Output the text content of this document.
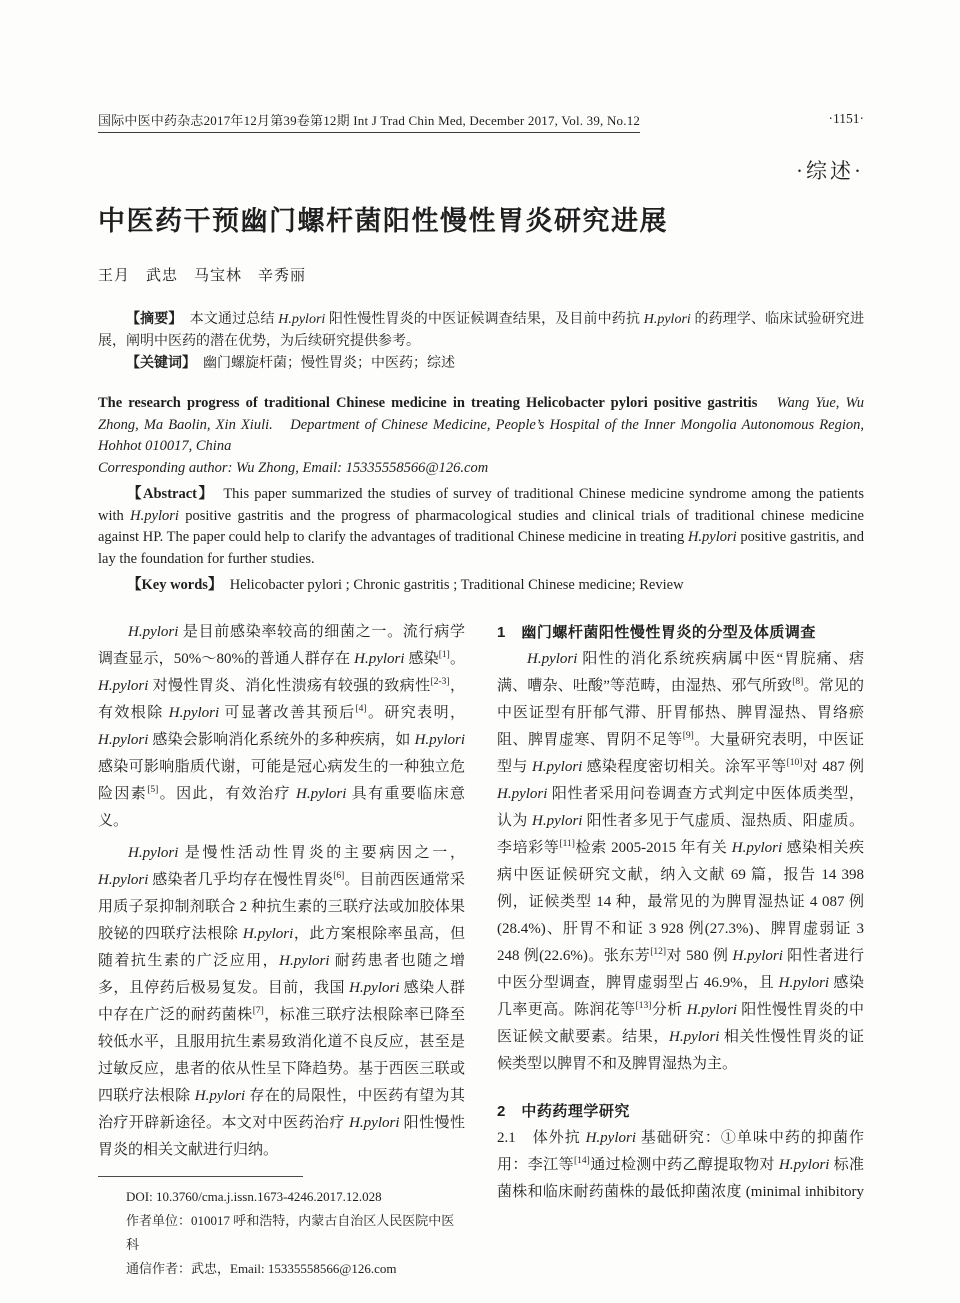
国际中医中药杂志2017年12月第39卷第12期 Int J Trad Chin Med, December 2017, Vol. 39, No.12	·1151·
·综述·
中医药干预幽门螺杆菌阳性慢性胃炎研究进展
王月　武忠　马宝林　辛秀丽

【摘要】　本文通过总结 H.pylori 阳性慢性胃炎的中医证候调查结果，及目前中药抗 H.pylori 的药理学、临床试验研究进展，阐明中医药的潜在优势，为后续研究提供参考。

【关键词】　幽门螺旋杆菌；慢性胃炎；中医药；综述

The research progress of traditional Chinese medicine in treating Helicobacter pylori positive gastritis　 Wang Yue, Wu Zhong, Ma Baolin, Xin Xiuli.　 Department of Chinese Medicine, People’s Hospital of the Inner Mongolia Autonomous Region, Hohhot 010017, China

Corresponding author: Wu Zhong, Email: 15335558566@126.com

【Abstract】　This paper summarized the studies of survey of traditional Chinese medicine syndrome among the patients with H.pylori positive gastritis and the progress of pharmacological studies and clinical trials of traditional chinese medicine against HP. The paper could help to clarify the advantages of traditional Chinese medicine in treating H.pylori positive gastritis, and lay the foundation for further studies.

【Key words】　Helicobacter pylori ; Chronic gastritis ; Traditional Chinese medicine; Review

H.pylori 是目前感染率较高的细菌之一。流行病学调查显示，50%～80%的普通人群存在 H.pylori 感染[1]。H.pylori 对慢性胃炎、消化性溃疡有较强的致病性[2-3]，有效根除 H.pylori 可显著改善其预后[4]。研究表明，H.pylori 感染会影响消化系统外的多种疾病，如 H.pylori 感染可影响脂质代谢，可能是冠心病发生的一种独立危险因素[5]。因此，有效治疗 H.pylori 具有重要临床意义。

H.pylori 是慢性活动性胃炎的主要病因之一，H.pylori 感染者几乎均存在慢性胃炎[6]。目前西医通常采用质子泵抑制剂联合 2 种抗生素的三联疗法或加胶体果胶铋的四联疗法根除 H.pylori，此方案根除率虽高，但随着抗生素的广泛应用，H.pylori 耐药患者也随之增多，且停药后极易复发。目前，我国 H.pylori 感染人群中存在广泛的耐药菌株[7]，标准三联疗法根除率已降至较低水平，且服用抗生素易致消化道不良反应，甚至是过敏反应，患者的依从性呈下降趋势。基于西医三联或四联疗法根除 H.pylori 存在的局限性，中医药有望为其治疗开辟新途径。本文对中医药治疗 H.pylori 阳性慢性胃炎的相关文献进行归纳。

DOI: 10.3760/cma.j.issn.1673-4246.2017.12.028
作者单位：010017 呼和浩特，内蒙古自治区人民医院中医科
通信作者：武忠，Email: 15335558566@126.com

1　幽门螺杆菌阳性慢性胃炎的分型及体质调查

H.pylori 阳性的消化系统疾病属中医“胃脘痛、痞满、嘈杂、吐酸”等范畴，由湿热、邪气所致[8]。常见的中医证型有肝郁气滞、肝胃郁热、脾胃湿热、胃络瘀阻、脾胃虚寒、胃阴不足等[9]。大量研究表明，中医证型与 H.pylori 感染程度密切相关。涂军平等[10]对 487 例 H.pylori 阳性者采用问卷调查方式判定中医体质类型，认为 H.pylori 阳性者多见于气虚质、湿热质、阳虚质。李培彩等[11]检索 2005-2015 年有关 H.pylori 感染相关疾病中医证候研究文献，纳入文献 69 篇，报告 14 398 例，证候类型 14 种，最常见的为脾胃湿热证 4 087 例(28.4%)、肝胃不和证 3 928 例(27.3%)、脾胃虚弱证 3 248 例(22.6%)。张东芳[12]对 580 例 H.pylori 阳性者进行中医分型调查，脾胃虚弱型占 46.9%，且 H.pylori 感染几率更高。陈润花等[13]分析 H.pylori 阳性慢性胃炎的中医证候文献要素。结果，H.pylori 相关性慢性胃炎的证候类型以脾胃不和及脾胃湿热为主。

2　中药药理学研究

2.1　体外抗 H.pylori 基础研究：①单味中药的抑菌作用：李江等[14]通过检测中药乙醇提取物对 H.pylori 标准菌株和临床耐药菌株的最低抑菌浓度 (minimal inhibitory
